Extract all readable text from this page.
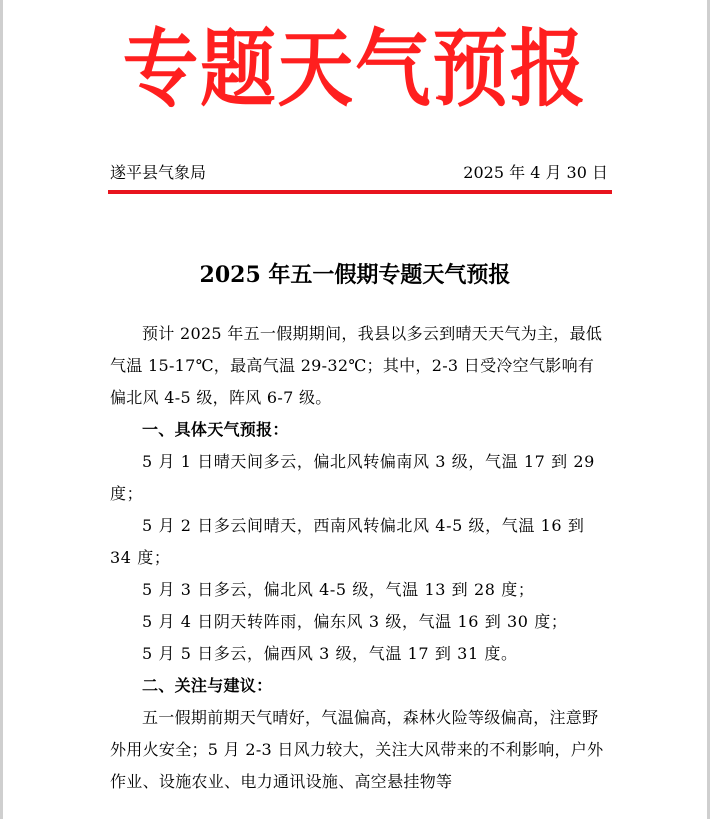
专题天气预报
遂平县气象局	2025 年 4 月 30 日
2025 年五一假期专题天气预报

预计 2025 年五一假期期间，我县以多云到晴天天气为主，最低气温 15-17℃，最高气温 29-32℃；其中，2-3 日受冷空气影响有偏北风 4-5 级，阵风 6-7 级。

一、具体天气预报：

5 月 1 日晴天间多云，偏北风转偏南风 3 级，气温 17 到 29 度；

5 月 2 日多云间晴天，西南风转偏北风 4-5 级，气温 16 到 34 度；

5 月 3 日多云，偏北风 4-5 级，气温 13 到 28 度；

5 月 4 日阴天转阵雨，偏东风 3 级，气温 16 到 30 度；

5 月 5 日多云，偏西风 3 级，气温 17 到 31 度。

二、关注与建议：

五一假期前期天气晴好，气温偏高，森林火险等级偏高，注意野外用火安全；5 月 2-3 日风力较大，关注大风带来的不利影响，户外作业、设施农业、电力通讯设施、高空悬挂物等
